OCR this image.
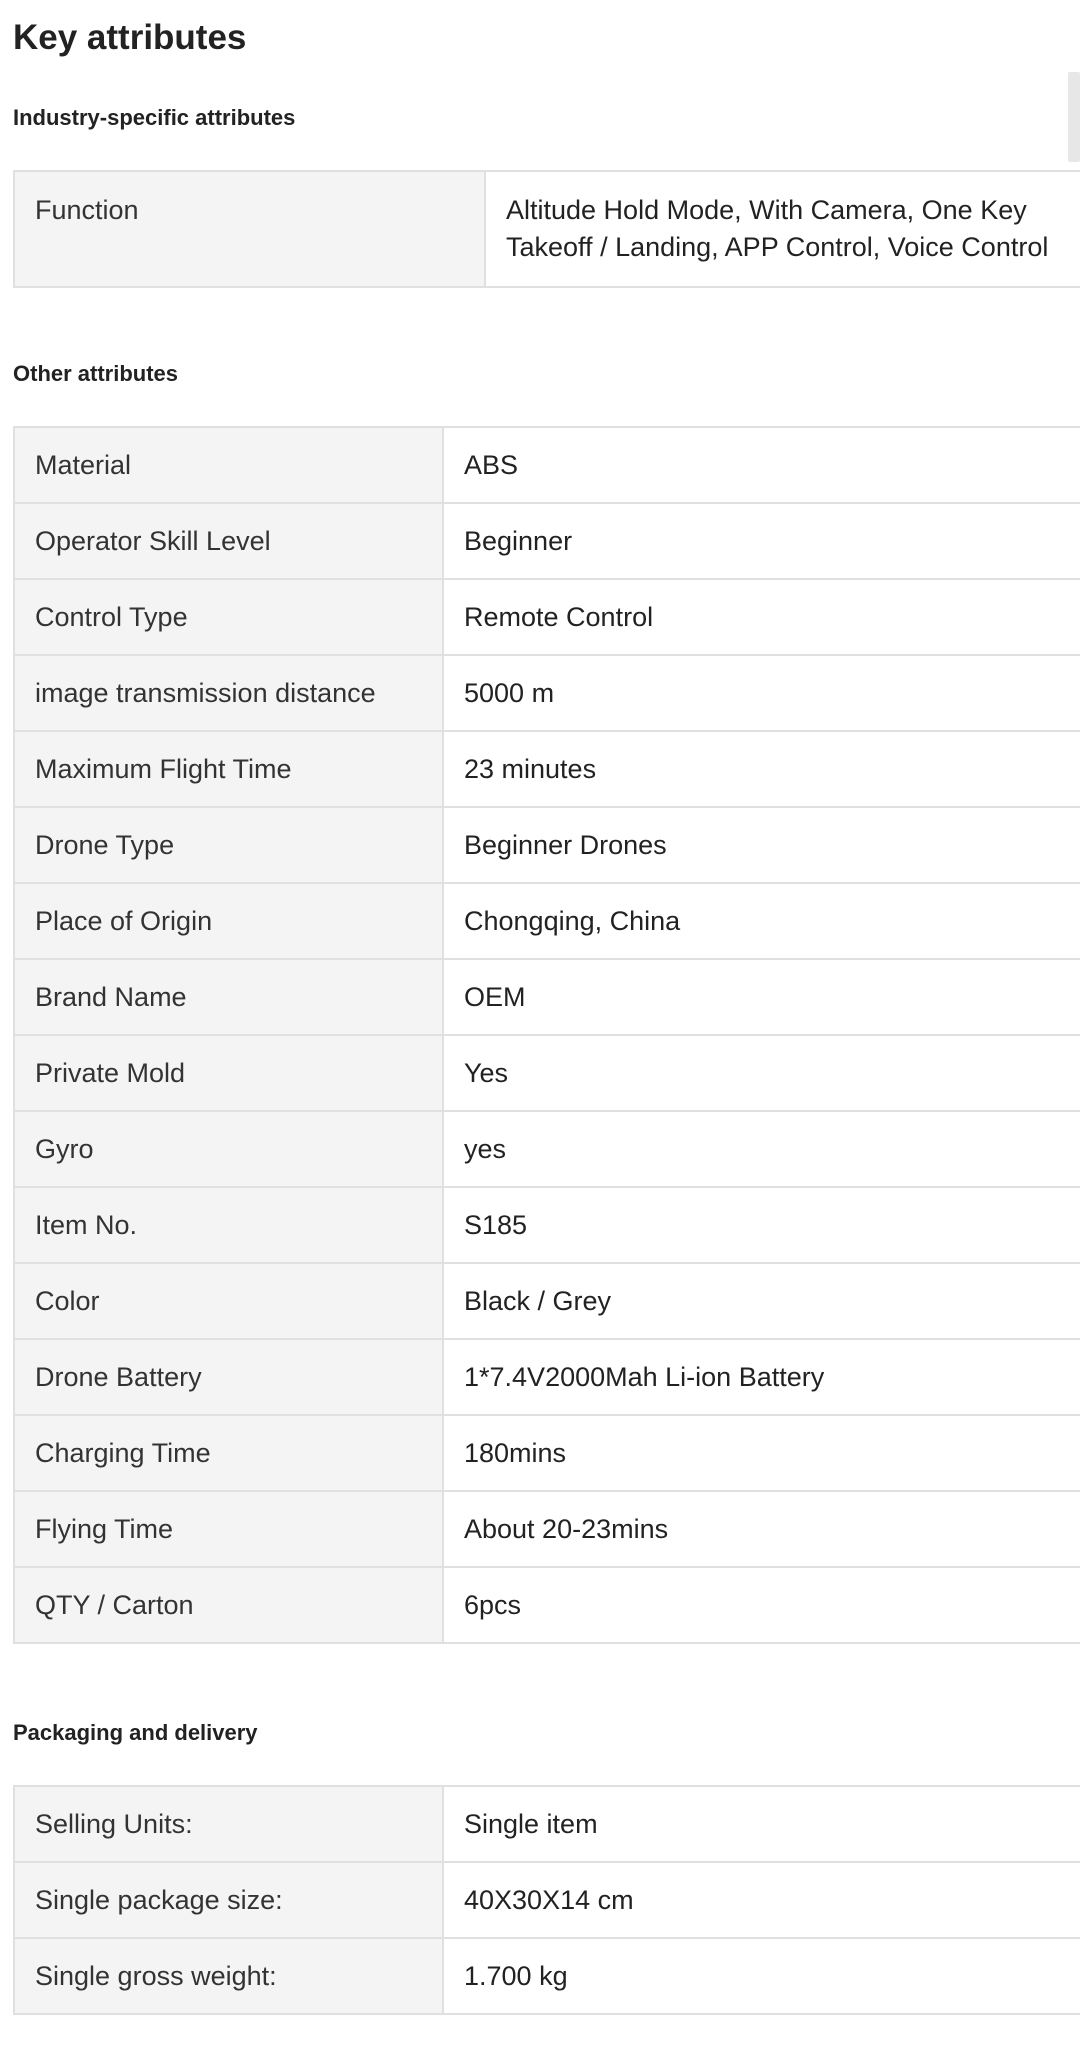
Key attributes
Industry-specific attributes
Function	Altitude Hold Mode, With Camera, One Key Takeoff / Landing, APP Control, Voice Control
Other attributes
Material	ABS
Operator Skill Level	Beginner
Control Type	Remote Control
image transmission distance	5000 m
Maximum Flight Time	23 minutes
Drone Type	Beginner Drones
Place of Origin	Chongqing, China
Brand Name	OEM
Private Mold	Yes
Gyro	yes
Item No.	S185
Color	Black / Grey
Drone Battery	1*7.4V2000Mah Li-ion Battery
Charging Time	180mins
Flying Time	About 20-23mins
QTY / Carton	6pcs
Packaging and delivery
Selling Units:	Single item
Single package size:	40X30X14 cm
Single gross weight:	1.700 kg
